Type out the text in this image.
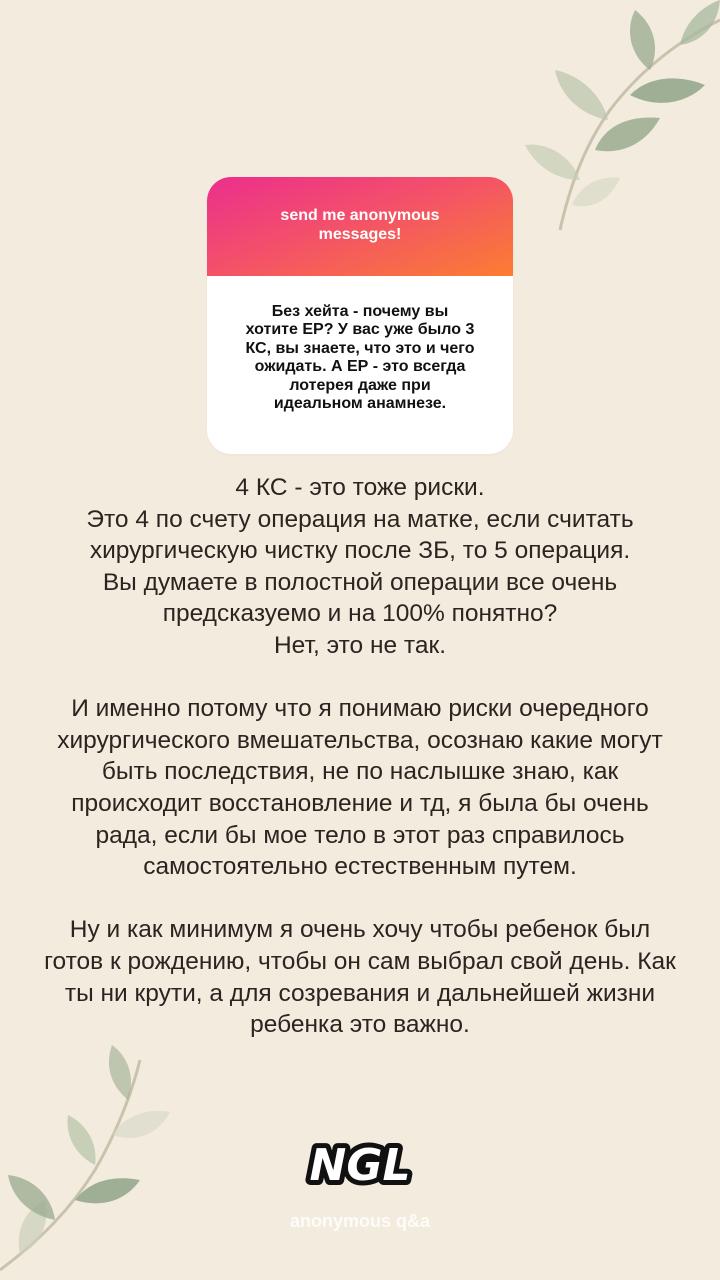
send me anonymous messages!
Без хейта - почему вы хотите ЕР? У вас уже было 3 КС, вы знаете, что это и чего ожидать. А ЕР - это всегда лотерея даже при идеальном анамнезе.

4 КС - это тоже риски.
Это 4 по счету операция на матке, если считать хирургическую чистку после ЗБ, то 5 операция.
Вы думаете в полостной операции все очень предсказуемо и на 100% понятно?
Нет, это не так.

И именно потому что я понимаю риски очередного хирургического вмешательства, осознаю какие могут быть последствия, не по наслышке знаю, как происходит восстановление и тд, я была бы очень рада, если бы мое тело в этот раз справилось самостоятельно естественным путем.

Ну и как минимум я очень хочу чтобы ребенок был готов к рождению, чтобы он сам выбрал свой день. Как ты ни крути, а для созревания и дальнейшей жизни ребенка это важно.

NGL
anonymous q&a
